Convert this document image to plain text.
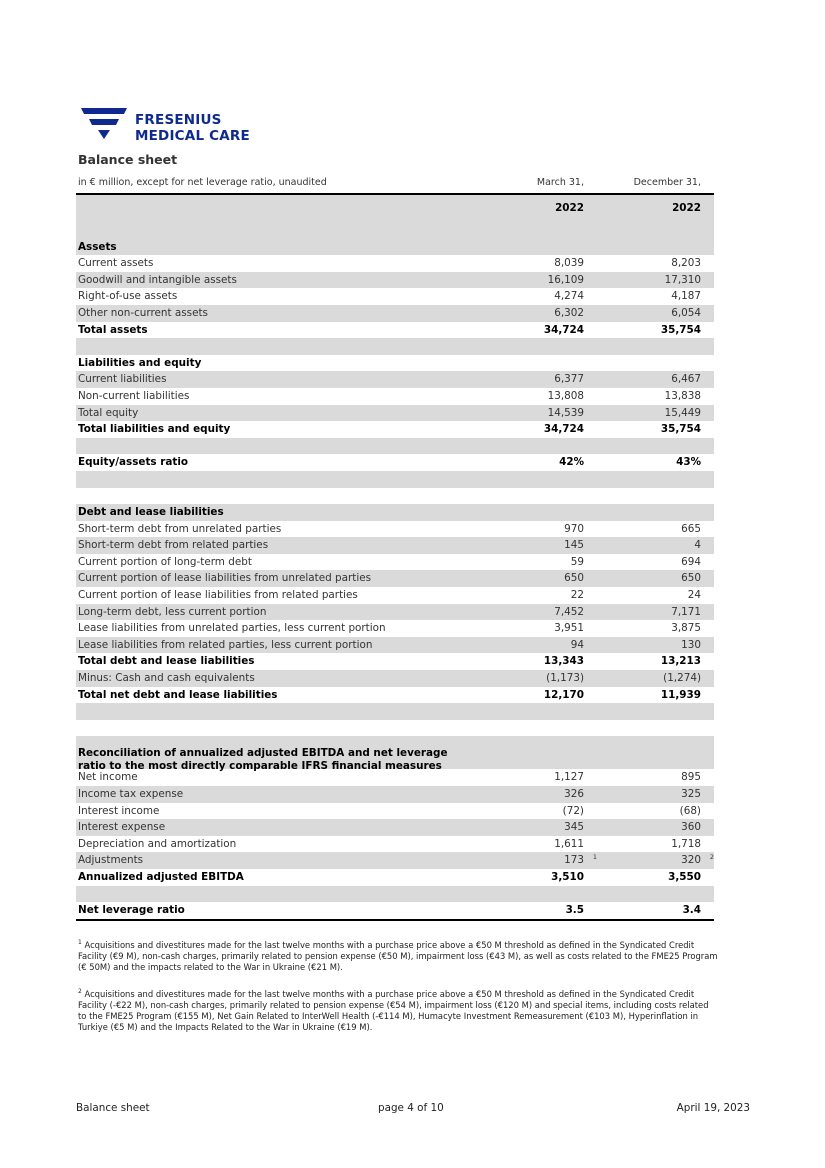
FRESENIUS
MEDICAL CARE
Balance sheet
in € million, except for net leverage ratio, unaudited	March 31,	December 31,
2022	2022
Assets
Current assets	8,039	8,203
Goodwill and intangible assets	16,109	17,310
Right-of-use assets	4,274	4,187
Other non-current assets	6,302	6,054
Total assets	34,724	35,754
Liabilities and equity
Current liabilities	6,377	6,467
Non-current liabilities	13,808	13,838
Total equity	14,539	15,449
Total liabilities and equity	34,724	35,754
Equity/assets ratio	42%	43%
Debt and lease liabilities
Short-term debt from unrelated parties	970	665
Short-term debt from related parties	145	4
Current portion of long-term debt	59	694
Current portion of lease liabilities from unrelated parties	650	650
Current portion of lease liabilities from related parties	22	24
Long-term debt, less current portion	7,452	7,171
Lease liabilities from unrelated parties, less current portion	3,951	3,875
Lease liabilities from related parties, less current portion	94	130
Total debt and lease liabilities	13,343	13,213
Minus: Cash and cash equivalents	(1,173)	(1,274)
Total net debt and lease liabilities	12,170	11,939
Reconciliation of annualized adjusted EBITDA and net leverage ratio to the most directly comparable IFRS financial measures
Net income	1,127	895
Income tax expense	326	325
Interest income	(72)	(68)
Interest expense	345	360
Depreciation and amortization	1,611	1,718
Adjustments	173	320
1	2
Annualized adjusted EBITDA	3,510	3,550
Net leverage ratio	3.5	3.4

$^1$ Acquisitions and divestitures made for the last twelve months with a purchase price above a €50 M threshold as defined in the Syndicated Credit Facility (€9 M), non-cash charges, primarily related to pension expense (€50 M), impairment loss (€43 M), as well as costs related to the FME25 Program (€ 50M) and the impacts related to the War in Ukraine (€21 M).

$^2$ Acquisitions and divestitures made for the last twelve months with a purchase price above a €50 M threshold as defined in the Syndicated Credit Facility (-€22 M), non-cash charges, primarily related to pension expense (€54 M), impairment loss (€120 M) and special items, including costs related to the FME25 Program (€155 M), Net Gain Related to InterWell Health (-€114 M), Humacyte Investment Remeasurement (€103 M), Hyperinflation in Turkiye (€5 M) and the Impacts Related to the War in Ukraine (€19 M).

Balance sheet	page 4 of 10	April 19, 2023
